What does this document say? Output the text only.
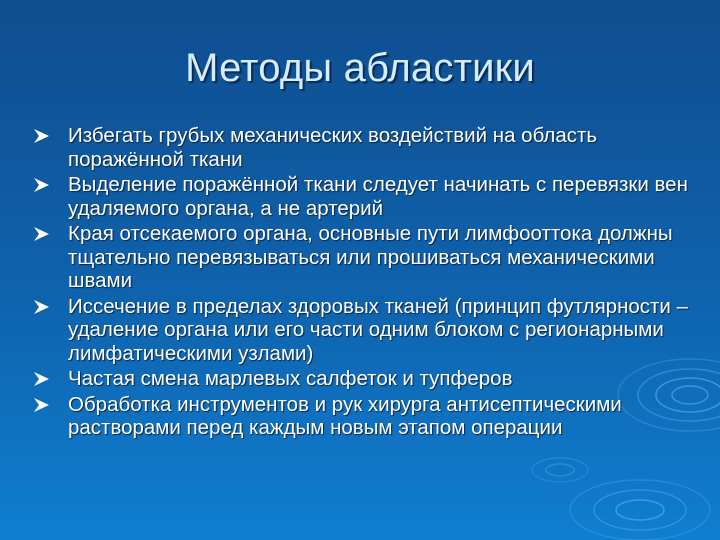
Методы абластики
Избегать грубых механических воздействий на область поражённой ткани
Выделение поражённой ткани следует начинать с перевязки вен удаляемого органа, а не артерий
Края отсекаемого органа, основные пути лимфооттока должны тщательно перевязываться или прошиваться механическими швами
Иссечение в пределах здоровых тканей (принцип футлярности – удаление органа или его части одним блоком с регионарными лимфатическими узлами)
Частая смена марлевых салфеток и тупферов
Обработка инструментов и рук хирурга антисептическими растворами перед каждым новым этапом операции
